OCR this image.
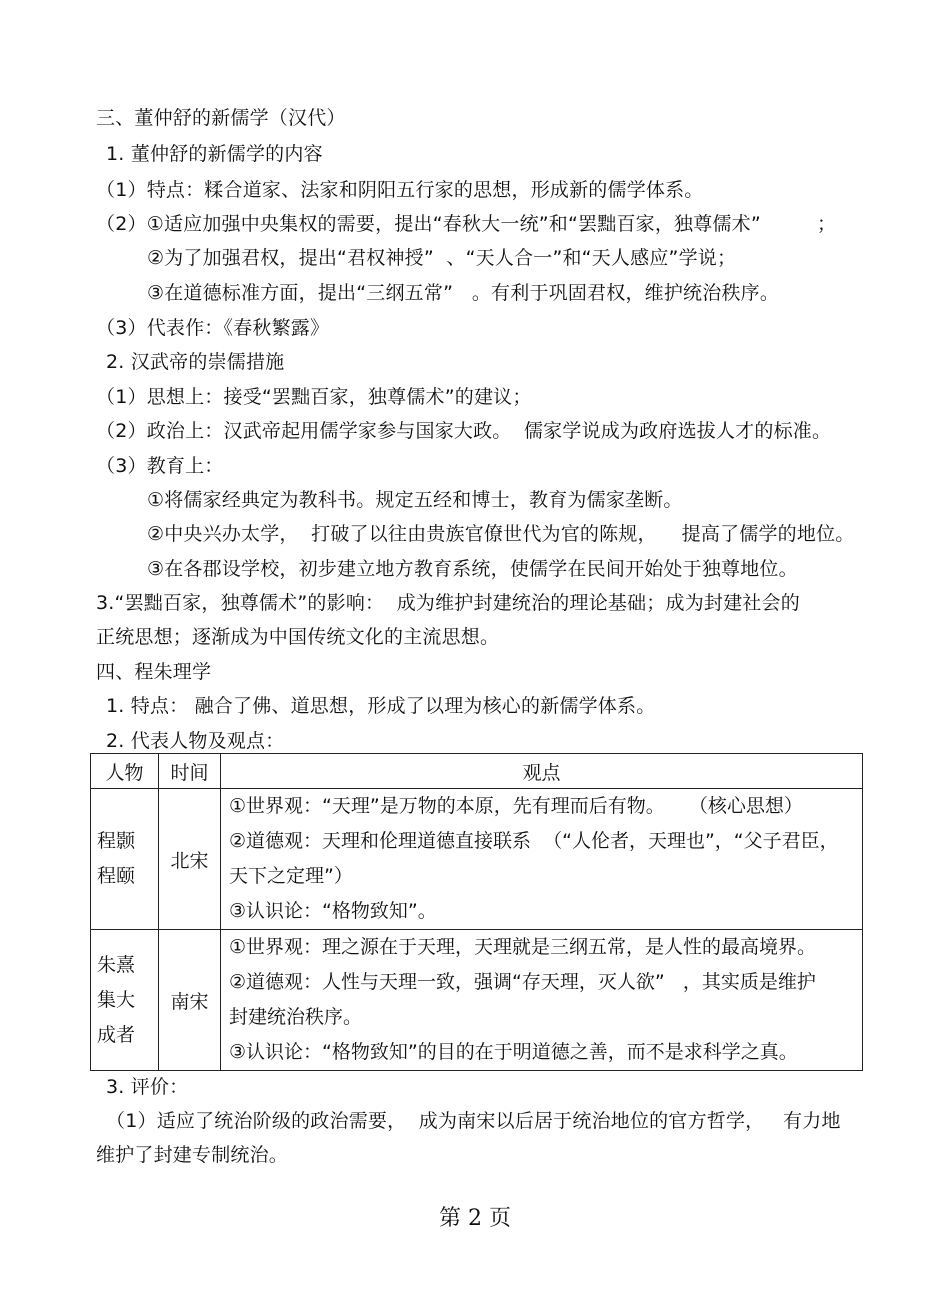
三、董仲舒的新儒学（汉代）
1. 董仲舒的新儒学的内容
（1）特点：糅合道家、法家和阴阳五行家的思想，形成新的儒学体系。
（2）①适应加强中央集权的需要，提出“春秋大一统”和“罢黜百家，独尊儒术”         ；
②为了加强君权，提出“君权神授”  、“天人合一”和“天人感应”学说；
③在道德标准方面，提出“三纲五常”   。有利于巩固君权，维护统治秩序。
（3）代表作：《春秋繁露》
2. 汉武帝的崇儒措施
（1）思想上：接受“罢黜百家，独尊儒术”的建议；
（2）政治上：汉武帝起用儒学家参与国家大政。  儒家学说成为政府选拔人才的标准。
（3）教育上：
①将儒家经典定为教科书。规定五经和博士，教育为儒家垄断。
②中央兴办太学，  打破了以往由贵族官僚世代为官的陈规，    提高了儒学的地位。
③在各郡设学校，初步建立地方教育系统，使儒学在民间开始处于独尊地位。
3.“罢黜百家，独尊儒术”的影响：  成为维护封建统治的理论基础；成为封建社会的
正统思想；逐渐成为中国传统文化的主流思想。
四、程朱理学
1. 特点： 融合了佛、道思想，形成了以理为核心的新儒学体系。
2. 代表人物及观点：
3. 评价：
（1）适应了统治阶级的政治需要，  成为南宋以后居于统治地位的官方哲学，   有力地
维护了封建专制统治。
人物	时间	观点

程颢
程颐	北宋	①世界观：“天理”是万物的本原，先有理而后有物。    （核心思想）
②道德观：天理和伦理道德直接联系  （“人伦者，天理也”，“父子君臣，
天下之定理”）
③认识论：“格物致知”。

朱熹
集大
成者	南宋	①世界观：理之源在于天理，天理就是三纲五常，是人性的最高境界。
②道德观：人性与天理一致，强调“存天理，灭人欲”   ，其实质是维护
封建统治秩序。
③认识论：“格物致知”的目的在于明道德之善，而不是求科学之真。
第 2 页
